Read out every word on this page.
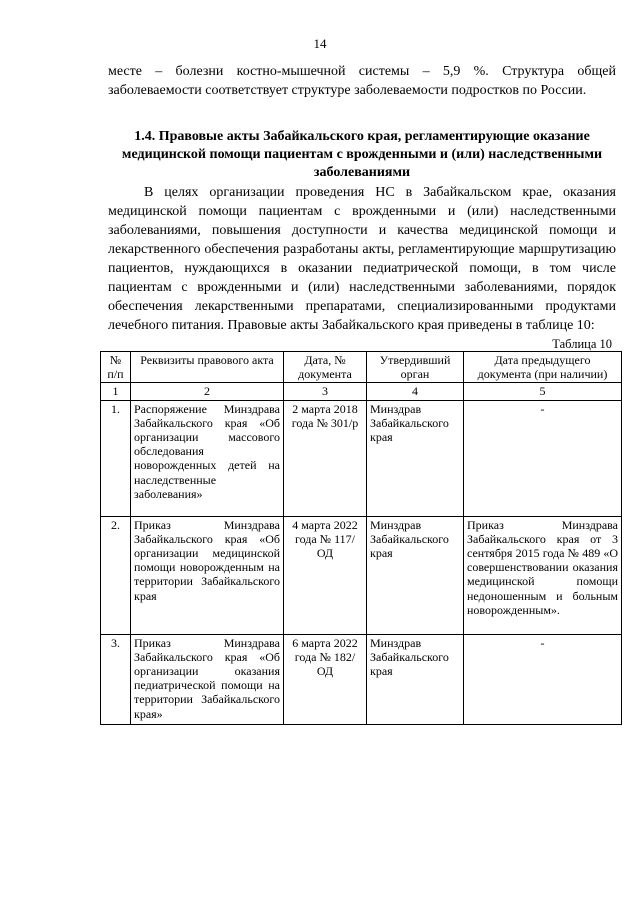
14
месте – болезни костно-мышечной системы – 5,9 %. Структура общей заболеваемости соответствует структуре заболеваемости подростков по России.
1.4. Правовые акты Забайкальского края, регламентирующие оказание медицинской помощи пациентам с врожденными и (или) наследственными заболеваниями
В целях организации проведения НС в Забайкальском крае, оказания медицинской помощи пациентам с врожденными и (или) наследственными заболеваниями, повышения доступности и качества медицинской помощи и лекарственного обеспечения разработаны акты, регламентирующие маршрутизацию пациентов, нуждающихся в оказании педиатрической помощи, в том числе пациентам с врожденными и (или) наследственными заболеваниями, порядок обеспечения лекарственными препаратами, специализированными продуктами лечебного питания. Правовые акты Забайкальского края приведены в таблице 10:
Таблица 10
№ п/п	Реквизиты правового акта	Дата, № документа	Утвердивший орган	Дата предыдущего документа (при наличии)
1	2	3	4	5
1.	Распоряжение Минздрава Забайкальского края «Об организации массового обследования новорожденных детей на наследственные заболевания»	2 марта 2018 года № 301/р	Минздрав Забайкальского края	-
2.	Приказ Минздрава Забайкальского края «Об организации медицинской помощи новорожденным на территории Забайкальского края	4 марта 2022 года № 117/ОД	Минздрав Забайкальского края	Приказ Минздрава Забайкальского края от 3 сентября 2015 года № 489 «О совершенствовании оказания медицинской помощи недоношенным и больным новорожденным».
3.	Приказ Минздрава Забайкальского края «Об организации оказания педиатрической помощи на территории Забайкальского края»	6 марта 2022 года № 182/ОД	Минздрав Забайкальского края	-
